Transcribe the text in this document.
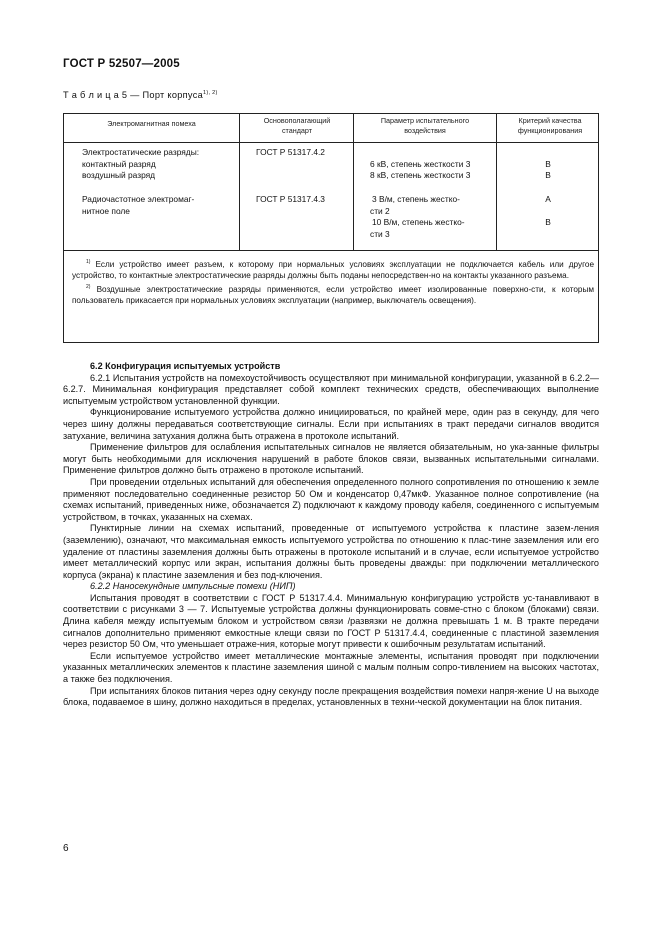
ГОСТ Р 52507—2005
Т а б л и ц а 5 — Порт корпуса$^{1), 2)}$
Электромагнитная помеха	Основополагающий стандарт
Параметр испытательного воздействия
Критерий качества функционирования
Электростатические разряды:
контактный разряд
воздушный разряд
ГОСТ Р 51317.4.2
6 кВ, степень жесткости 3
8 кВ, степень жесткости 3
В
В
Радиочастотное электромаг-
нитное поле
ГОСТ Р 51317.4.3	3 В/м, степень жестко-
сти 2
10 В/м, степень жестко-
сти 3
А
В
$^{1)}$ Если устройство имеет разъем, к которому при нормальных условиях эксплуатации не подключается кабель или другое устройство, то контактные электростатические разряды должны быть поданы непосредствен-но на контакты указанного разъема.
$^{2)}$ Воздушные электростатические разряды применяются, если устройство имеет изолированные поверхно-сти, к которым пользователь прикасается при нормальных условиях эксплуатации (например, выключатель освещения).

6.2 Конфигурация испытуемых устройств

6.2.1 Испытания устройств на помехоустойчивость осуществляют при минимальной конфигурации, указанной в 6.2.2—6.2.7. Минимальная конфигурация представляет собой комплект технических средств, обеспечивающих выполнение испытуемым устройством установленной функции.

Функционирование испытуемого устройства должно инициироваться, по крайней мере, один раз в секунду, для чего через шину должны передаваться соответствующие сигналы. Если при испытаниях в тракт передачи сигналов вводится затухание, величина затухания должна быть отражена в протоколе испытаний.

Применение фильтров для ослабления испытательных сигналов не является обязательным, но ука-занные фильтры могут быть необходимыми для исключения нарушений в работе блоков связи, вызванных испытательными сигналами. Применение фильтров должно быть отражено в протоколе испытаний.

При проведении отдельных испытаний для обеспечения определенного полного сопротивления по отношению к земле применяют последовательно соединенные резистор 50 Ом и конденсатор 0,47мкФ. Указанное полное сопротивление (на схемах испытаний, приведенных ниже, обозначается Z) подключают к каждому проводу кабеля, соединенного с испытуемым устройством, в точках, указанных на схемах.

Пунктирные линии на схемах испытаний, проведенные от испытуемого устройства к пластине зазем-ления (заземлению), означают, что максимальная емкость испытуемого устройства по отношению к плас-тине заземления или его удаление от пластины заземления должны быть отражены в протоколе испытаний и в случае, если испытуемое устройство имеет металлический корпус или экран, испытания должны быть проведены дважды: при подключении металлического корпуса (экрана) к пластине заземления и без под-ключения.

6.2.2 Наносекундные импульсные помехи (НИП)

Испытания проводят в соответствии с ГОСТ Р 51317.4.4. Минимальную конфигурацию устройств ус-танавливают в соответствии с рисунками 3 — 7. Испытуемые устройства должны функционировать совме-стно с блоком (блоками) связи. Длина кабеля между испытуемым блоком и устройством связи /развязки не должна превышать 1 м. В тракте передачи сигналов дополнительно применяют емкостные клещи связи по ГОСТ Р 51317.4.4, соединенные с пластиной заземления через резистор 50 Ом, что уменьшает отраже-ния, которые могут привести к ошибочным результатам испытаний.

Если испытуемое устройство имеет металлические монтажные элементы, испытания проводят при подключении указанных металлических элементов к пластине заземления шиной с малым полным сопро-тивлением на высоких частотах, а также без подключения.

При испытаниях блоков питания через одну секунду после прекращения воздействия помехи напря-жение U на выходе блока, подаваемое в шину, должно находиться в пределах, установленных в техни-ческой документации на блок питания.

6
